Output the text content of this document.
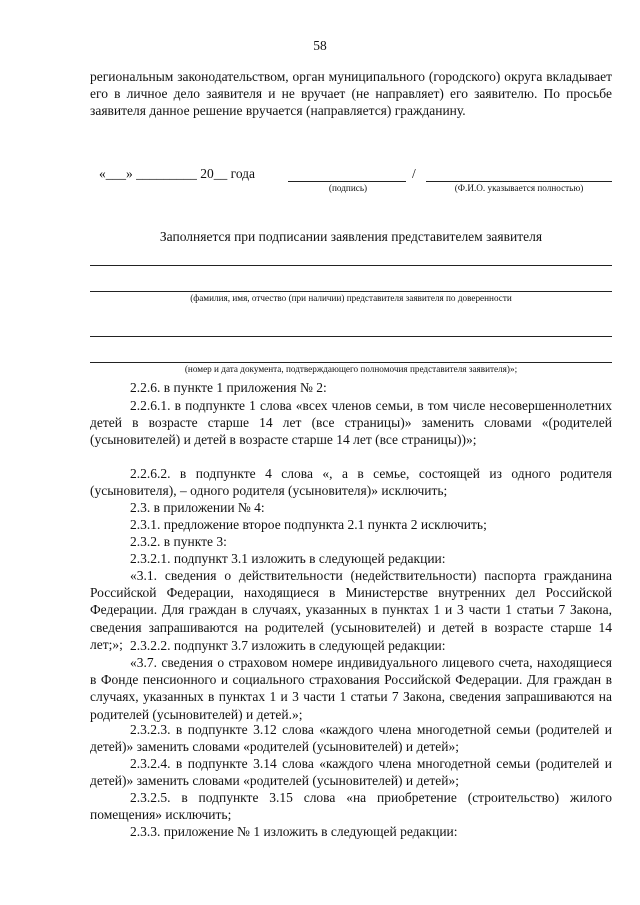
58

региональным законодательством, орган муниципального (городского) округа вкладывает его в личное дело заявителя и не вручает (не направляет) его заявителю. По просьбе заявителя данное решение вручается (направляется) гражданину.

«___» _________ 20__ года	/
(подпись)	(Ф.И.О. указывается полностью)
Заполняется при подписании заявления представителем заявителя
(фамилия, имя, отчество (при наличии) представителя заявителя по доверенности
(номер и дата документа, подтверждающего полномочия представителя заявителя)»;

2.2.6. в пункте 1 приложения № 2:

2.2.6.1. в подпункте 1 слова «всех членов семьи, в том числе несовершеннолетних детей в возрасте старше 14 лет (все страницы)» заменить словами «(родителей (усыновителей) и детей в возрасте старше 14 лет (все страницы))»;

2.2.6.2. в подпункте 4 слова «, а в семье, состоящей из одного родителя (усыновителя), – одного родителя (усыновителя)» исключить;

2.3. в приложении № 4:

2.3.1. предложение второе подпункта 2.1 пункта 2 исключить;

2.3.2. в пункте 3:

2.3.2.1. подпункт 3.1 изложить в следующей редакции:

«3.1. сведения о действительности (недействительности) паспорта гражданина Российской Федерации, находящиеся в Министерстве внутренних дел Российской Федерации. Для граждан в случаях, указанных в пунктах 1 и 3 части 1 статьи 7 Закона, сведения запрашиваются на родителей (усыновителей) и детей в возрасте старше 14 лет;»; 2.3.2.2. подпункт 3.7 изложить в следующей редакции:

«3.7. сведения о страховом номере индивидуального лицевого счета, находящиеся в Фонде пенсионного и социального страхования Российской Федерации. Для граждан в случаях, указанных в пунктах 1 и 3 части 1 статьи 7 Закона, сведения запрашиваются на родителей (усыновителей) и детей.»;

2.3.2.3. в подпункте 3.12 слова «каждого члена многодетной семьи (родителей и детей)» заменить словами «родителей (усыновителей) и детей»;

2.3.2.4. в подпункте 3.14 слова «каждого члена многодетной семьи (родителей и детей)» заменить словами «родителей (усыновителей) и детей»;

2.3.2.5. в подпункте 3.15 слова «на приобретение (строительство) жилого помещения» исключить;

2.3.3. приложение № 1 изложить в следующей редакции:
